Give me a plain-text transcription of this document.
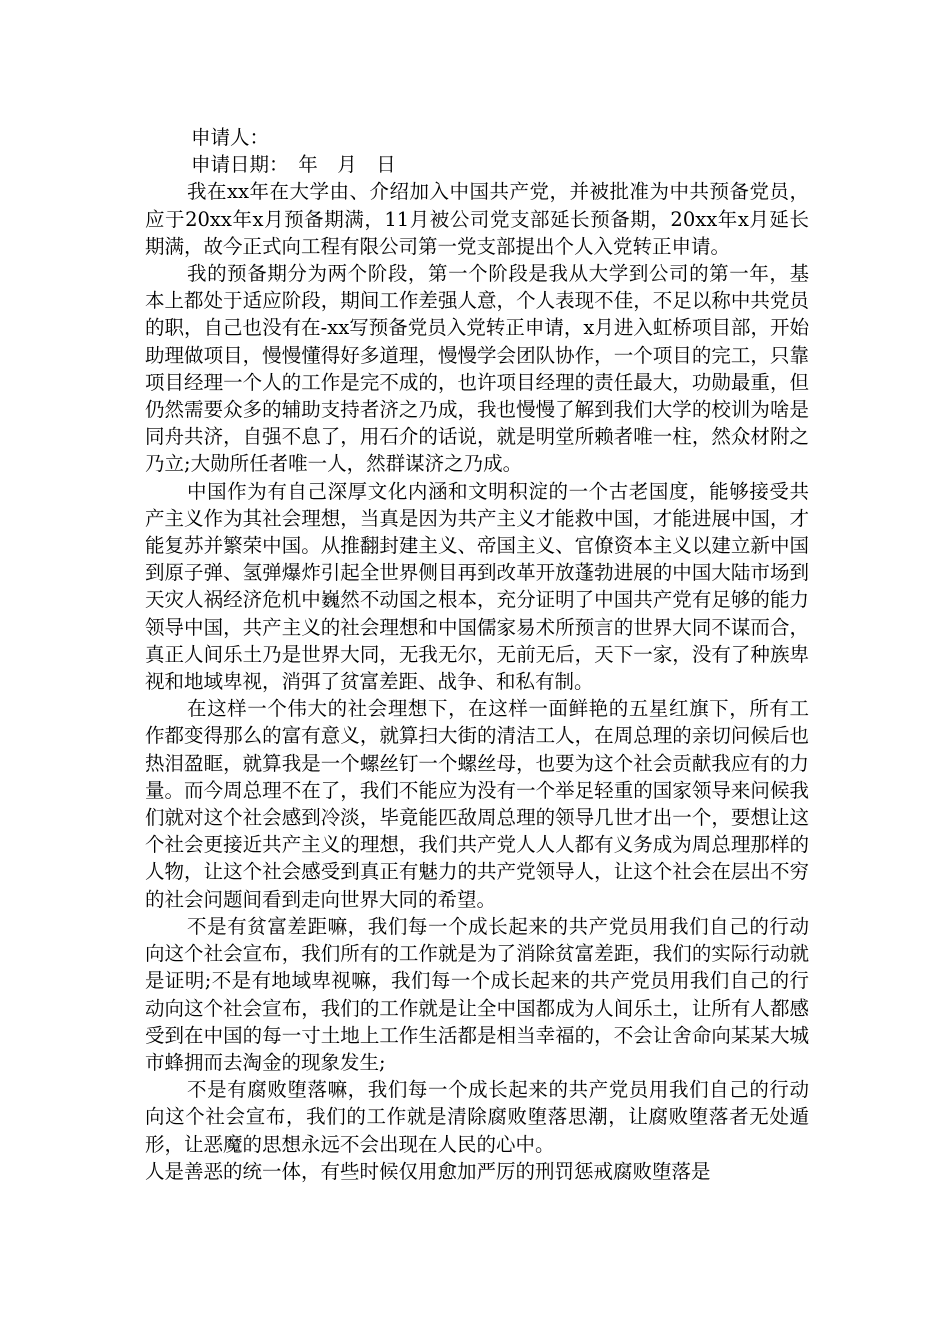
申请人：

申请日期：　年　月　日

我在xx年在大学由、介绍加入中国共产党，并被批准为中共预备党员，应于20xx年x月预备期满，11月被公司党支部延长预备期，20xx年x月延长期满，故今正式向工程有限公司第一党支部提出个人入党转正申请。

我的预备期分为两个阶段，第一个阶段是我从大学到公司的第一年，基本上都处于适应阶段，期间工作差强人意，个人表现不佳，不足以称中共党员的职，自己也没有在-xx写预备党员入党转正申请，x月进入虹桥项目部，开始助理做项目，慢慢懂得好多道理，慢慢学会团队协作，一个项目的完工，只靠项目经理一个人的工作是完不成的，也许项目经理的责任最大，功勋最重，但仍然需要众多的辅助支持者济之乃成，我也慢慢了解到我们大学的校训为啥是同舟共济，自强不息了，用石介的话说，就是明堂所赖者唯一柱，然众材附之乃立;大勋所任者唯一人，然群谋济之乃成。

中国作为有自己深厚文化内涵和文明积淀的一个古老国度，能够接受共产主义作为其社会理想，当真是因为共产主义才能救中国，才能进展中国，才能复苏并繁荣中国。从推翻封建主义、帝国主义、官僚资本主义以建立新中国到原子弹、氢弹爆炸引起全世界侧目再到改革开放蓬勃进展的中国大陆市场到天灾人祸经济危机中巍然不动国之根本，充分证明了中国共产党有足够的能力领导中国，共产主义的社会理想和中国儒家易术所预言的世界大同不谋而合，真正人间乐土乃是世界大同，无我无尔，无前无后，天下一家，没有了种族卑视和地域卑视，消弭了贫富差距、战争、和私有制。

在这样一个伟大的社会理想下，在这样一面鲜艳的五星红旗下，所有工作都变得那么的富有意义，就算扫大街的清洁工人，在周总理的亲切问候后也热泪盈眶，就算我是一个螺丝钉一个螺丝母，也要为这个社会贡献我应有的力量。而今周总理不在了，我们不能应为没有一个举足轻重的国家领导来问候我们就对这个社会感到冷淡，毕竟能匹敌周总理的领导几世才出一个，要想让这个社会更接近共产主义的理想，我们共产党人人人都有义务成为周总理那样的人物，让这个社会感受到真正有魅力的共产党领导人，让这个社会在层出不穷的社会问题间看到走向世界大同的希望。

不是有贫富差距嘛，我们每一个成长起来的共产党员用我们自己的行动向这个社会宣布，我们所有的工作就是为了消除贫富差距，我们的实际行动就是证明;不是有地域卑视嘛，我们每一个成长起来的共产党员用我们自己的行动向这个社会宣布，我们的工作就是让全中国都成为人间乐土，让所有人都感受到在中国的每一寸土地上工作生活都是相当幸福的，不会让舍命向某某大城市蜂拥而去淘金的现象发生;

不是有腐败堕落嘛，我们每一个成长起来的共产党员用我们自己的行动向这个社会宣布，我们的工作就是清除腐败堕落思潮，让腐败堕落者无处遁形，让恶魔的思想永远不会出现在人民的心中。

人是善恶的统一体，有些时候仅用愈加严厉的刑罚惩戒腐败堕落是
